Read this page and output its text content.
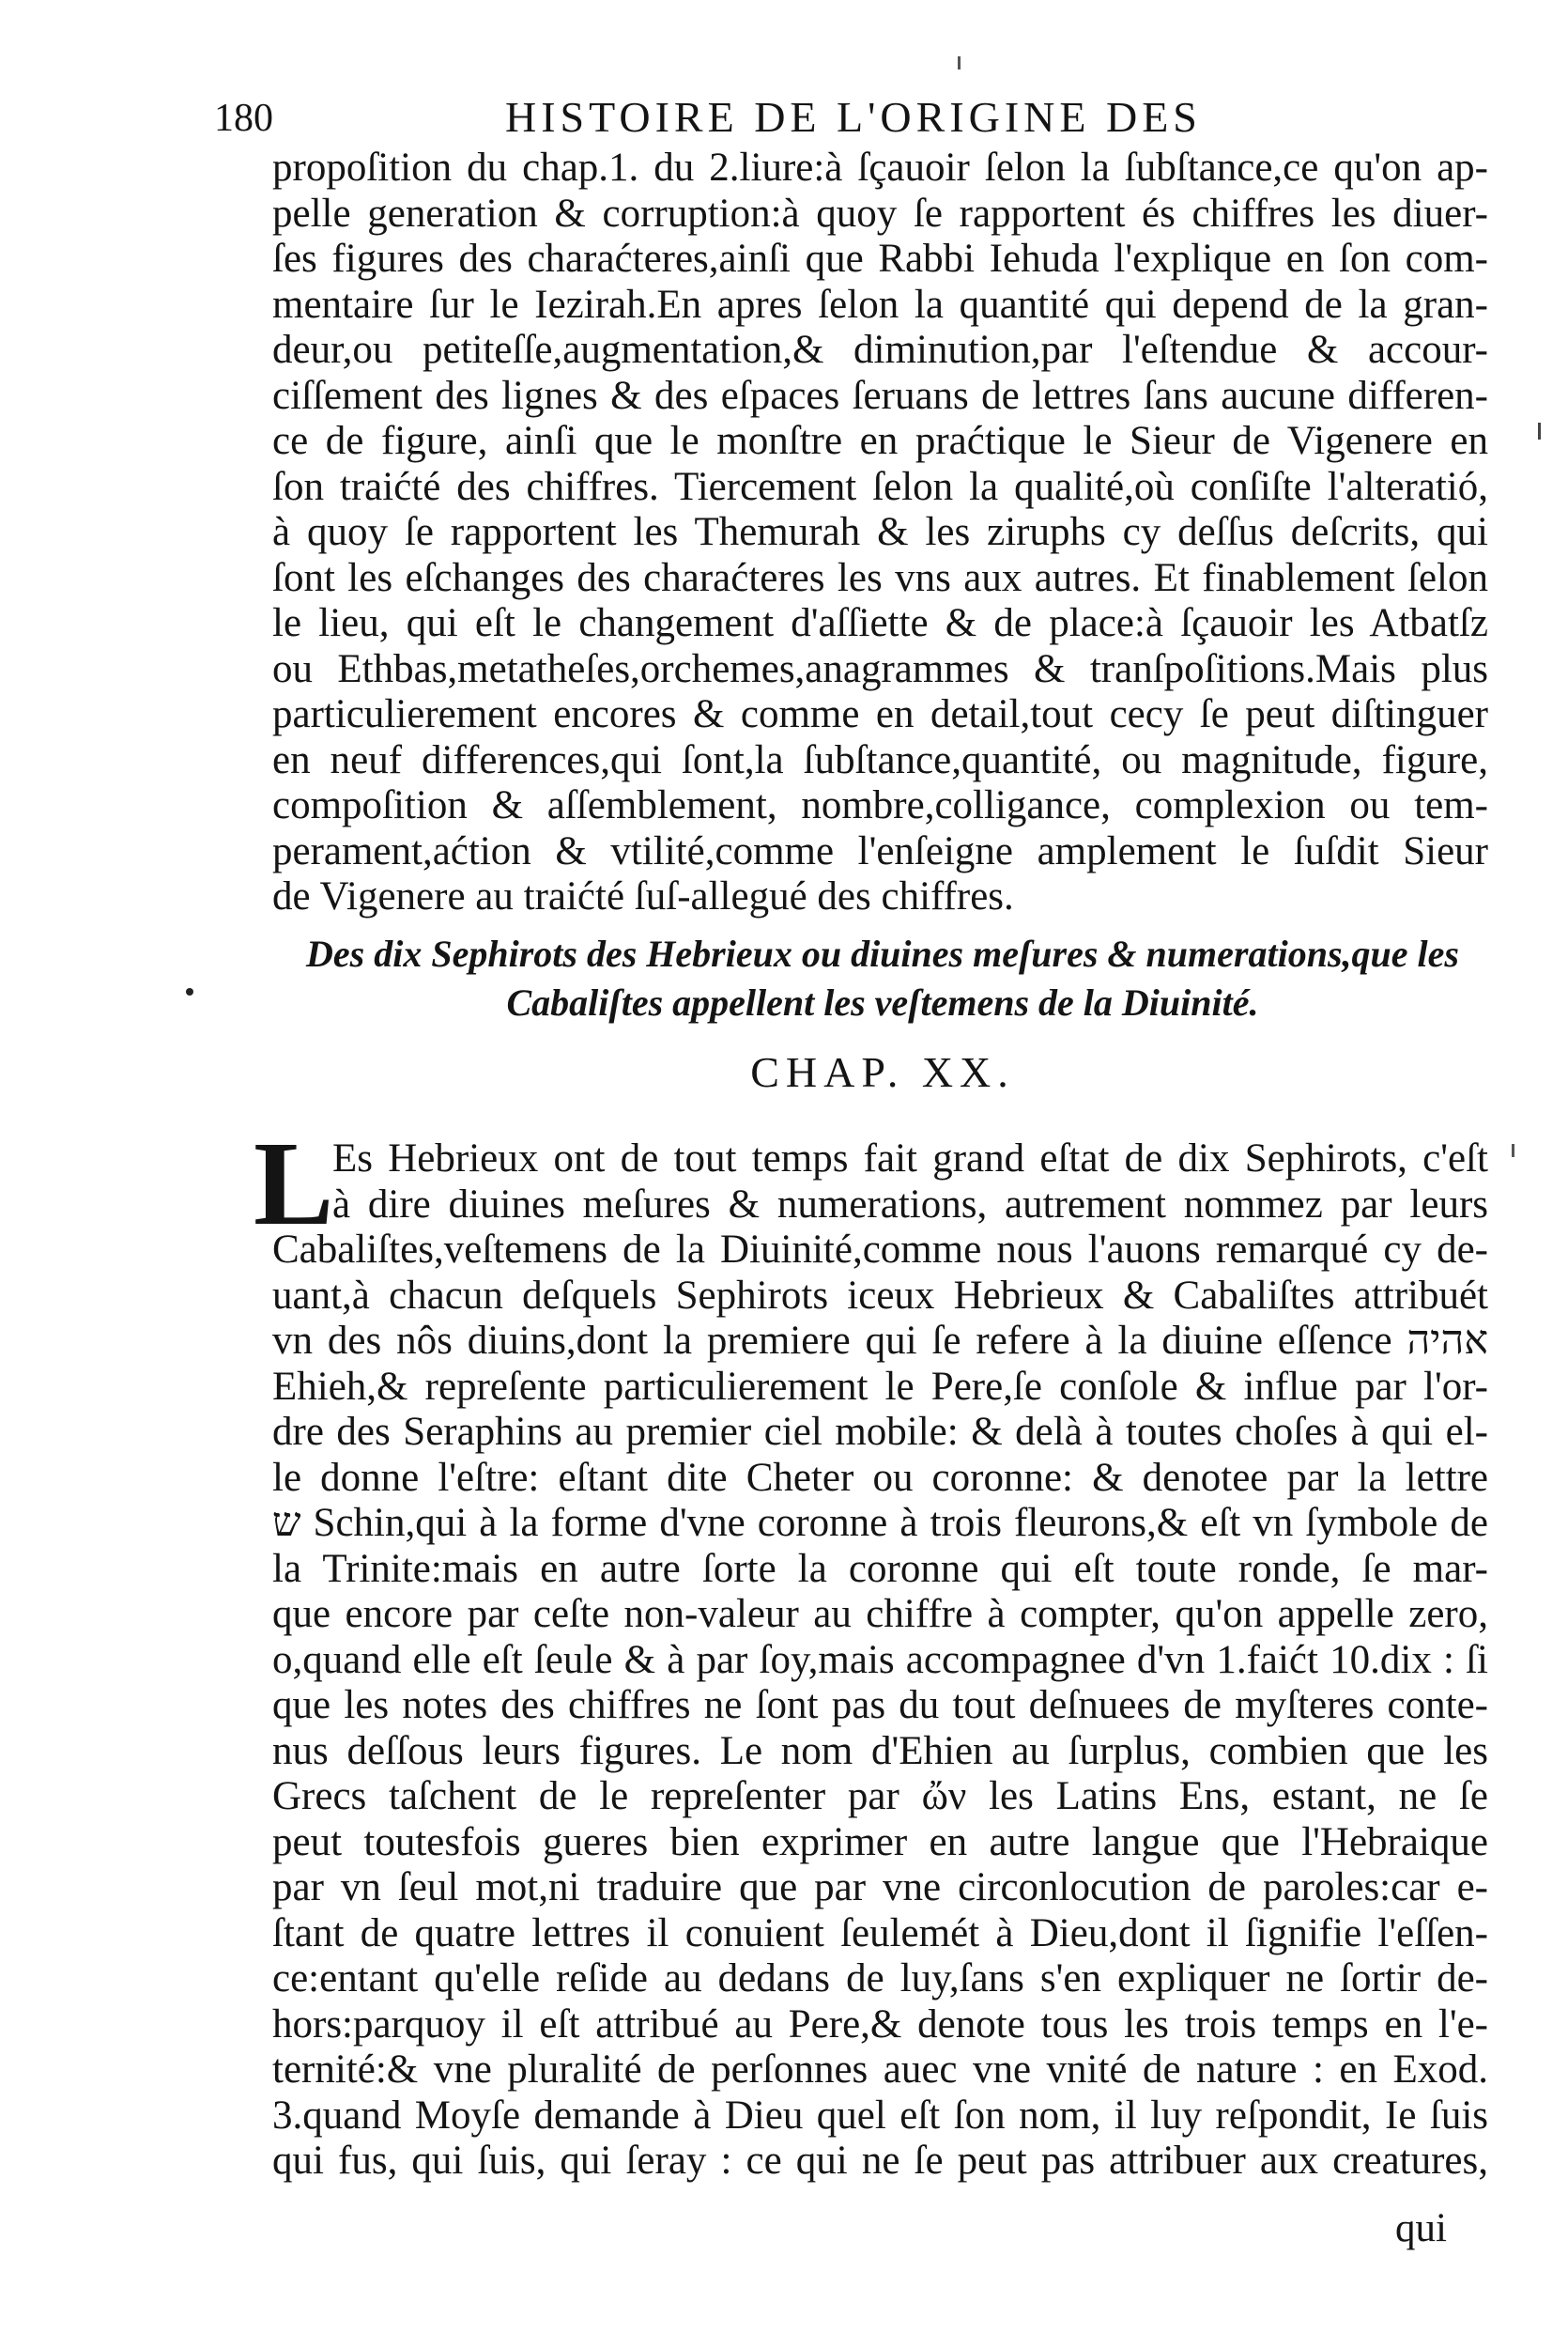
180	HISTOIRE DE L'ORIGINE DES
propoſition du chap.1. du 2.liure:à ſçauoir ſelon la ſubſtance,ce qu'on ap-
pelle generation & corruption:à quoy ſe rapportent és chiffres les diuer-
ſes figures des charaćteres,ainſi que Rabbi Iehuda l'explique en ſon com-
mentaire ſur le Iezirah.En apres ſelon la quantité qui depend de la gran-
deur,ou petiteſſe,augmentation,& diminution,par l'eſtendue & accour-
ciſſement des lignes & des eſpaces ſeruans de lettres ſans aucune differen-
ce de figure, ainſi que le monſtre en praćtique le Sieur de Vigenere en
ſon traićté des chiffres. Tiercement ſelon la qualité,où conſiſte l'alteratió,
à quoy ſe rapportent les Themurah & les ziruphs cy deſſus deſcrits, qui
ſont les eſchanges des charaćteres les vns aux autres. Et finablement ſelon
le lieu, qui eſt le changement d'aſſiette & de place:à ſçauoir les Atbatſz
ou Ethbas,metatheſes,orchemes,anagrammes & tranſpoſitions.Mais plus
particulierement encores & comme en detail,tout cecy ſe peut diſtinguer
en neuf differences,qui ſont,la ſubſtance,quantité, ou magnitude, figure,
compoſition & aſſemblement, nombre,colligance, complexion ou tem-
perament,aćtion & vtilité,comme l'enſeigne amplement le ſuſdit Sieur
de Vigenere au traićté ſuſ-allegué des chiffres.
Des dix Sephirots des Hebrieux ou diuines meſures & numerations,que les
Cabaliſtes appellent les veſtemens de la Diuinité.
CHAP. XX.
L
Es Hebrieux ont de tout temps fait grand eſtat de dix Sephirots, c'eſt
à dire diuines meſures & numerations, autrement nommez par leurs
Cabaliſtes,veſtemens de la Diuinité,comme nous l'auons remarqué cy de-
uant,à chacun deſquels Sephirots iceux Hebrieux & Cabaliſtes attribuét
vn des nôs diuins,dont la premiere qui ſe refere à la diuine eſſence אהיה
Ehieh,& repreſente particulierement le Pere,ſe conſole & influe par l'or-
dre des Seraphins au premier ciel mobile: & delà à toutes choſes à qui el-
le donne l'eſtre: eſtant dite Cheter ou coronne: & denotee par la lettre
ש Schin,qui à la forme d'vne coronne à trois fleurons,& eſt vn ſymbole de
la Trinite:mais en autre ſorte la coronne qui eſt toute ronde, ſe mar-
que encore par ceſte non-valeur au chiffre à compter, qu'on appelle zero,
o,quand elle eſt ſeule & à par ſoy,mais accompagnee d'vn 1.faićt 10.dix : ſi
que les notes des chiffres ne ſont pas du tout deſnuees de myſteres conte-
nus deſſous leurs figures. Le nom d'Ehien au ſurplus, combien que les
Grecs taſchent de le repreſenter par ὤν les Latins Ens, estant, ne ſe
peut toutesfois gueres bien exprimer en autre langue que l'Hebraique
par vn ſeul mot,ni traduire que par vne circonlocution de paroles:car e-
ſtant de quatre lettres il conuient ſeulemét à Dieu,dont il ſignifie l'eſſen-
ce:entant qu'elle reſide au dedans de luy,ſans s'en expliquer ne ſortir de-
hors:parquoy il eſt attribué au Pere,& denote tous les trois temps en l'e-
ternité:& vne pluralité de perſonnes auec vne vnité de nature : en Exod.
3.quand Moyſe demande à Dieu quel eſt ſon nom, il luy reſpondit, Ie ſuis
qui fus, qui ſuis, qui ſeray : ce qui ne ſe peut pas attribuer aux creatures,
qui
